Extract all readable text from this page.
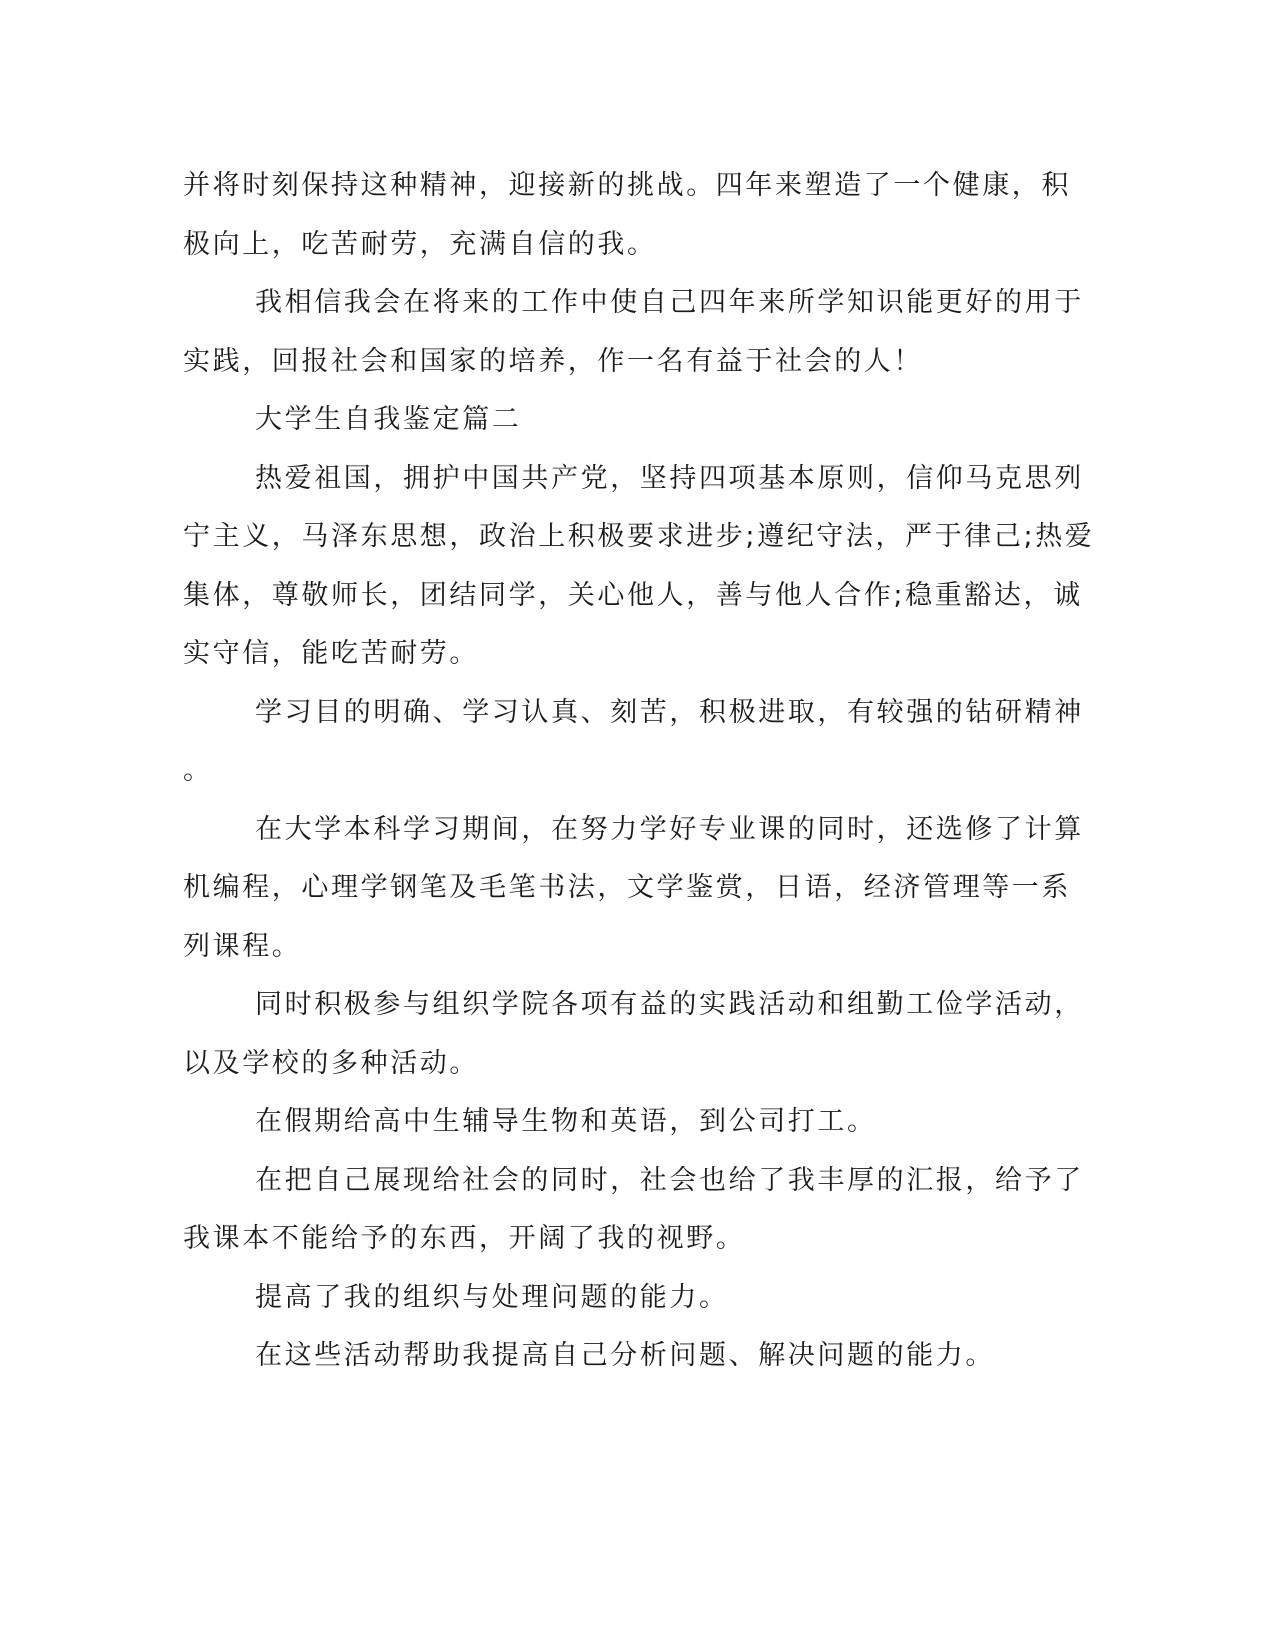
并将时刻保持这种精神，迎接新的挑战。四年来塑造了一个健康，积
极向上，吃苦耐劳，充满自信的我。
我相信我会在将来的工作中使自己四年来所学知识能更好的用于
实践，回报社会和国家的培养，作一名有益于社会的人！
大学生自我鉴定篇二
热爱祖国，拥护中国共产党，坚持四项基本原则，信仰马克思列
宁主义，马泽东思想，政治上积极要求进步;遵纪守法，严于律己;热爱
集体，尊敬师长，团结同学，关心他人，善与他人合作;稳重豁达，诚
实守信，能吃苦耐劳。
学习目的明确、学习认真、刻苦，积极进取，有较强的钻研精神
。
在大学本科学习期间，在努力学好专业课的同时，还选修了计算
机编程，心理学钢笔及毛笔书法，文学鉴赏，日语，经济管理等一系
列课程。
同时积极参与组织学院各项有益的实践活动和组勤工俭学活动，
以及学校的多种活动。
在假期给高中生辅导生物和英语，到公司打工。
在把自己展现给社会的同时，社会也给了我丰厚的汇报，给予了
我课本不能给予的东西，开阔了我的视野。
提高了我的组织与处理问题的能力。
在这些活动帮助我提高自己分析问题、解决问题的能力。
